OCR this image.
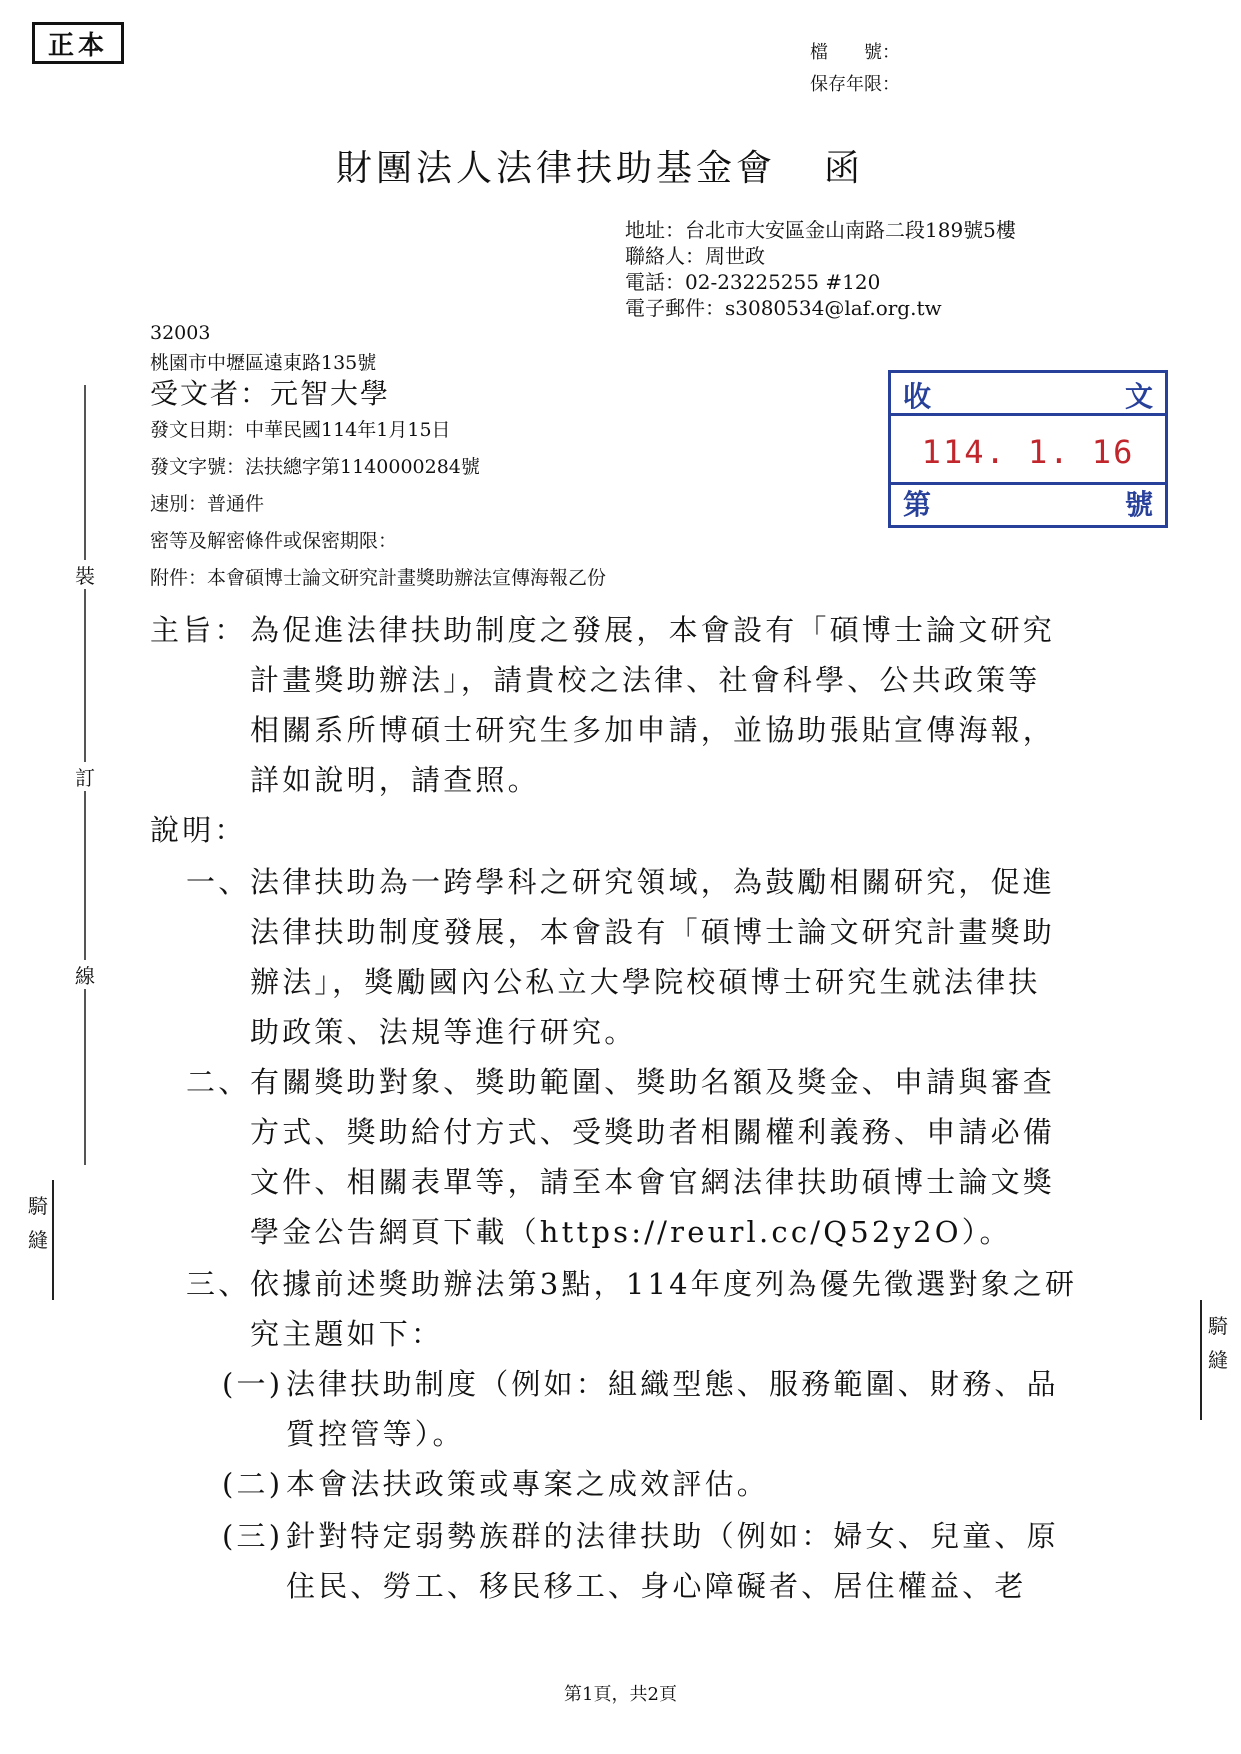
正本	檔　　號：
保存年限：
財團法人法律扶助基金會 函
地址：台北市大安區金山南路二段189號5樓
聯絡人：周世政
電話：02-23225255 #120
電子郵件：s3080534@laf.org.tw
32003
桃園市中壢區遠東路135號
受文者：元智大學
發文日期：中華民國114年1月15日
發文字號：法扶總字第1140000284號
速別：普通件
密等及解密條件或保密期限：
附件：本會碩博士論文研究計畫獎助辦法宣傳海報乙份
收	文
114. 1. 16
第	號
裝
訂
線
騎
縫
騎
縫
主旨： 為促進法律扶助制度之發展，本會設有「碩博士論文研究
計畫獎助辦法」，請貴校之法律、社會科學、公共政策等
相關系所博碩士研究生多加申請，並協助張貼宣傳海報，
詳如說明，請查照。
說明：
一、 法律扶助為一跨學科之研究領域，為鼓勵相關研究，促進
法律扶助制度發展，本會設有「碩博士論文研究計畫獎助
辦法」，獎勵國內公私立大學院校碩博士研究生就法律扶
助政策、法規等進行研究。
二、 有關獎助對象、獎助範圍、獎助名額及獎金、申請與審查
方式、獎助給付方式、受獎助者相關權利義務、申請必備
文件、相關表單等，請至本會官網法律扶助碩博士論文獎
學金公告網頁下載（https://reurl.cc/Q52y2O）。
三、 依據前述獎助辦法第3點，114年度列為優先徵選對象之研
究主題如下：
(一) 法律扶助制度（例如：組織型態、服務範圍、財務、品
質控管等）。
(二) 本會法扶政策或專案之成效評估。
(三) 針對特定弱勢族群的法律扶助（例如：婦女、兒童、原
住民、勞工、移民移工、身心障礙者、居住權益、老
第1頁，共2頁
